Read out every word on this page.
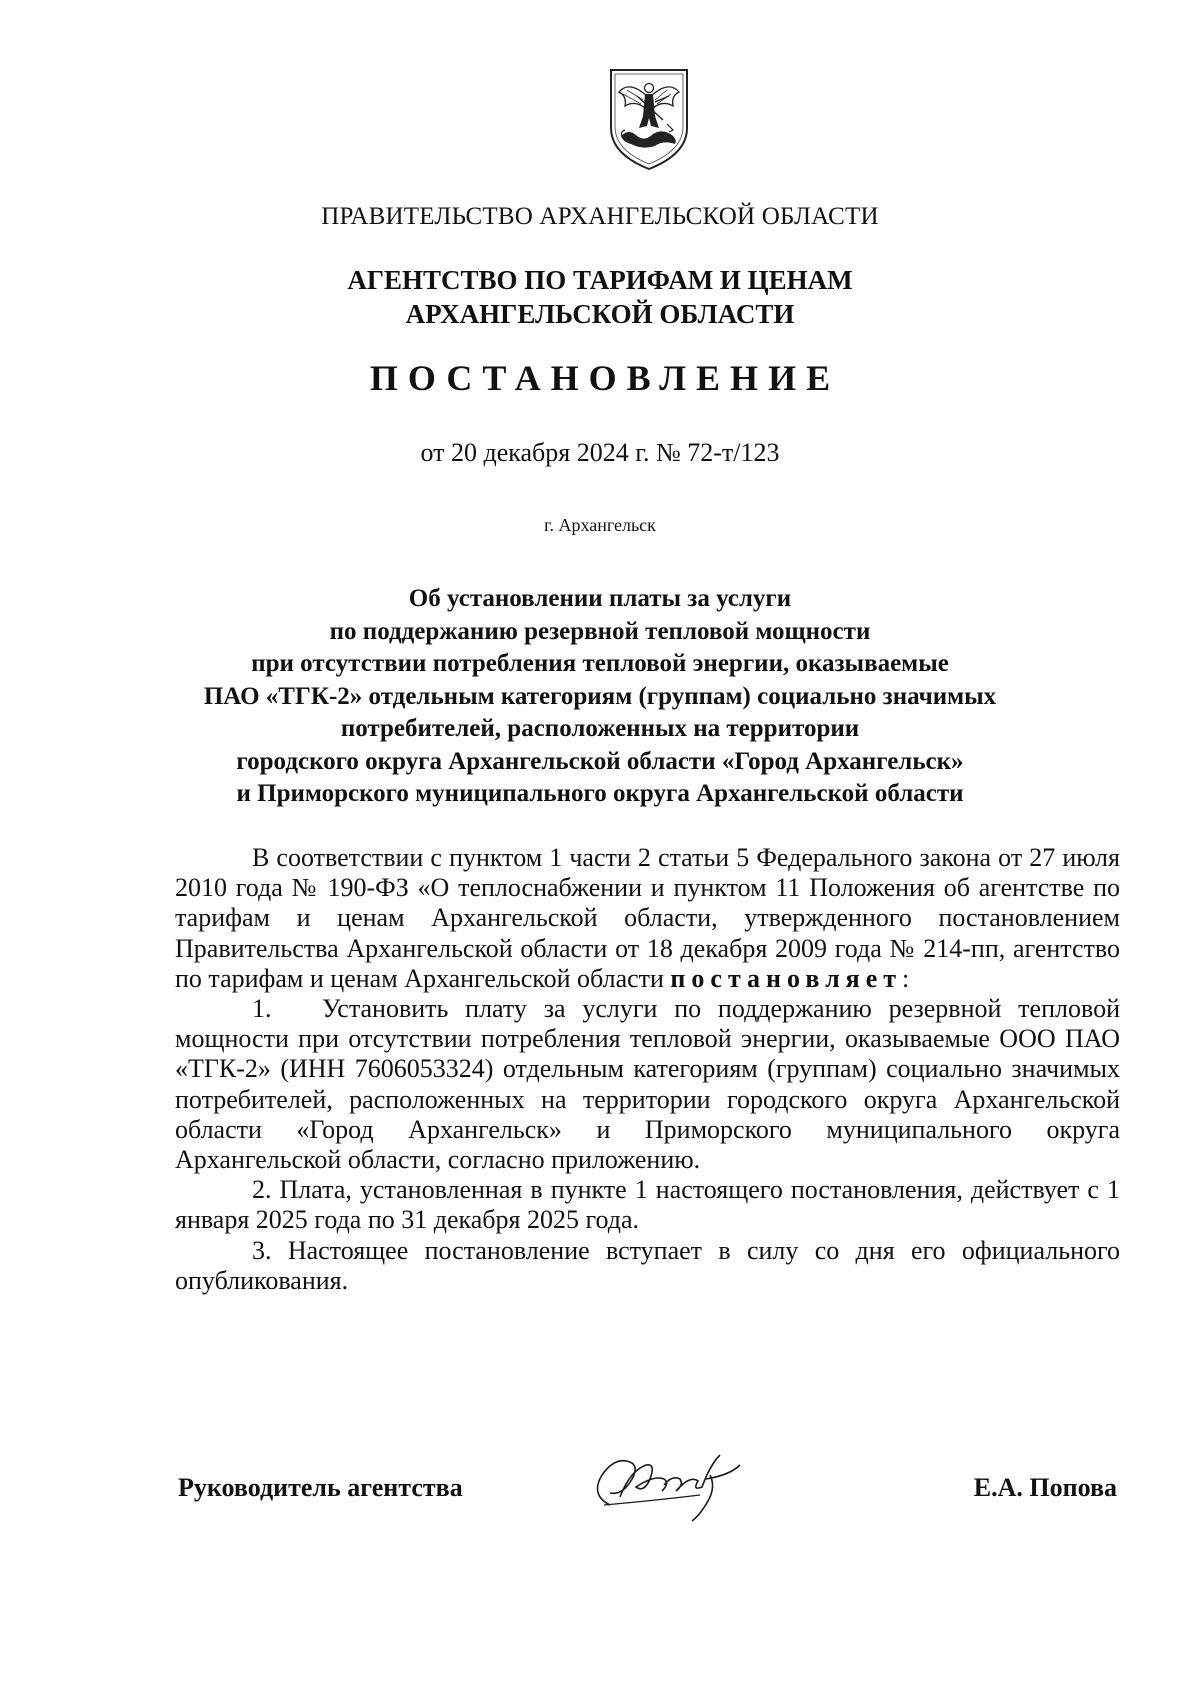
ПРАВИТЕЛЬСТВО АРХАНГЕЛЬСКОЙ ОБЛАСТИ
АГЕНТСТВО ПО ТАРИФАМ И ЦЕНАМ
АРХАНГЕЛЬСКОЙ ОБЛАСТИ
ПОСТАНОВЛЕНИЕ
от 20 декабря 2024 г. № 72-т/123
г. Архангельск
Об установлении платы за услуги
по поддержанию резервной тепловой мощности
при отсутствии потребления тепловой энергии, оказываемые
ПАО «ТГК-2» отдельным категориям (группам) социально значимых
потребителей, расположенных на территории
городского округа Архангельской области «Город Архангельск»
и Приморского муниципального округа Архангельской области

В соответствии с пунктом 1 части 2 статьи 5 Федерального закона от 27 июля 2010 года № 190-ФЗ «О теплоснабжении и пунктом 11 Положения об агентстве по тарифам и ценам Архангельской области, утвержденного постановлением Правительства Архангельской области от 18 декабря 2009 года № 214-пп, агентство по тарифам и ценам Архангельской области постановляет:

1. Установить плату за услуги по поддержанию резервной тепловой мощности при отсутствии потребления тепловой энергии, оказываемые ООО ПАО «ТГК-2» (ИНН 7606053324) отдельным категориям (группам) социально значимых потребителей, расположенных на территории городского округа Архангельской области «Город Архангельск» и Приморского муниципального округа Архангельской области, согласно приложению.

2. Плата, установленная в пункте 1 настоящего постановления, действует с 1 января 2025 года по 31 декабря 2025 года.

3. Настоящее постановление вступает в силу со дня его официального опубликования.

Руководитель агентства	Е.А. Попова
